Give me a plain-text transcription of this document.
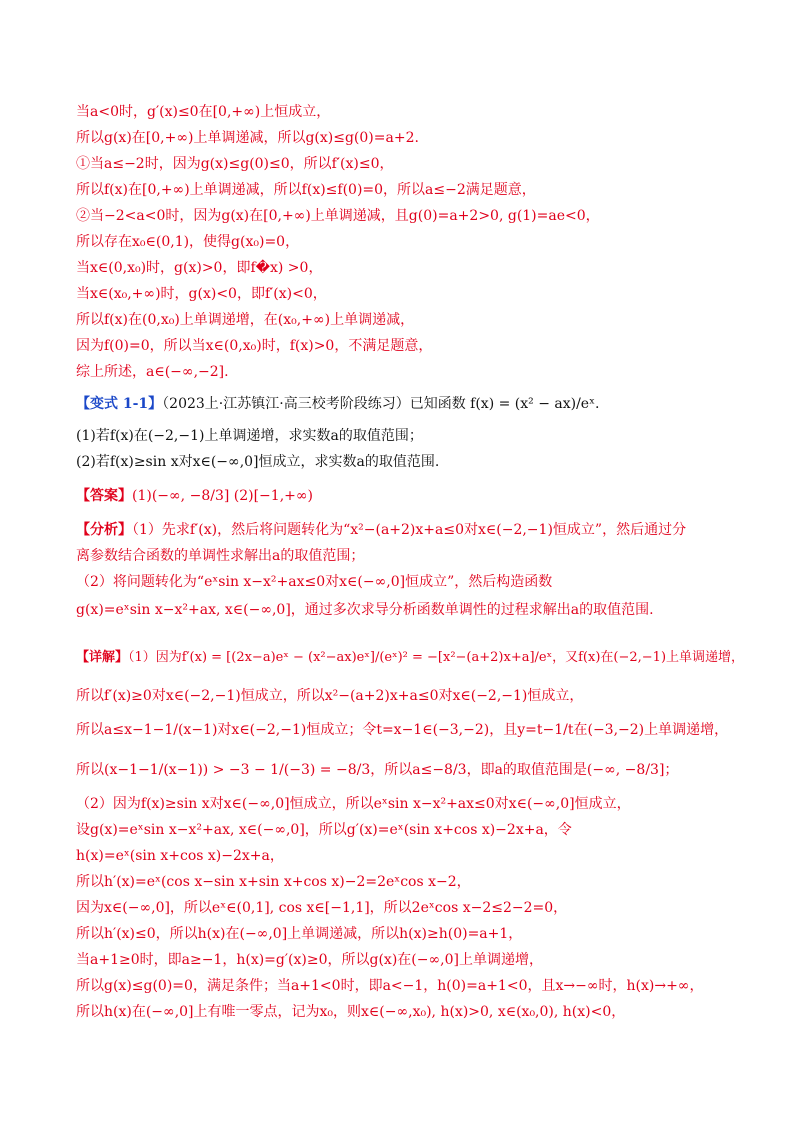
当a<0时，g′(x)≤0在[0,+∞)上恒成立，
所以g(x)在[0,+∞)上单调递减，所以g(x)≤g(0)=a+2.
①当a≤−2时，因为g(x)≤g(0)≤0，所以f′(x)≤0，
所以f(x)在[0,+∞)上单调递减，所以f(x)≤f(0)=0，所以a≤−2满足题意，
②当−2<a<0时，因为g(x)在[0,+∞)上单调递减，且g(0)=a+2>0, g(1)=ae<0，
所以存在x₀∈(0,1)，使得g(x₀)=0，
当x∈(0,x₀)时，g(x)>0，即f�x) >0，
当x∈(x₀,+∞)时，g(x)<0，即f′(x)<0，
所以f(x)在(0,x₀)上单调递增，在(x₀,+∞)上单调递减，
因为f(0)=0，所以当x∈(0,x₀)时，f(x)>0，不满足题意，
综上所述，a∈(−∞,−2].
【变式 1-1】（2023上·江苏镇江·高三校考阶段练习）已知函数 f(x) = (x² − ax)/eˣ.
(1)若f(x)在(−2,−1)上单调递增，求实数a的取值范围；
(2)若f(x)≥sin x对x∈(−∞,0]恒成立，求实数a的取值范围.
【答案】(1)(−∞, −8/3] (2)[−1,+∞)
【分析】（1）先求f′(x)，然后将问题转化为“x²−(a+2)x+a≤0对x∈(−2,−1)恒成立”，然后通过分
离参数结合函数的单调性求解出a的取值范围；
（2）将问题转化为“eˣsin x−x²+ax≤0对x∈(−∞,0]恒成立”，然后构造函数
g(x)=eˣsin x−x²+ax, x∈(−∞,0]，通过多次求导分析函数单调性的过程求解出a的取值范围.
【详解】（1）因为f′(x) = [(2x−a)eˣ − (x²−ax)eˣ]/(eˣ)² = −[x²−(a+2)x+a]/eˣ，又f(x)在(−2,−1)上单调递增，
所以f′(x)≥0对x∈(−2,−1)恒成立，所以x²−(a+2)x+a≤0对x∈(−2,−1)恒成立，
所以a≤x−1−1/(x−1)对x∈(−2,−1)恒成立；令t=x−1∈(−3,−2)，且y=t−1/t在(−3,−2)上单调递增，
所以(x−1−1/(x−1)) > −3 − 1/(−3) = −8/3，所以a≤−8/3，即a的取值范围是(−∞, −8/3]；
（2）因为f(x)≥sin x对x∈(−∞,0]恒成立，所以eˣsin x−x²+ax≤0对x∈(−∞,0]恒成立，
设g(x)=eˣsin x−x²+ax, x∈(−∞,0]，所以g′(x)=eˣ(sin x+cos x)−2x+a，令
h(x)=eˣ(sin x+cos x)−2x+a，
所以h′(x)=eˣ(cos x−sin x+sin x+cos x)−2=2eˣcos x−2，
因为x∈(−∞,0]，所以eˣ∈(0,1], cos x∈[−1,1]，所以2eˣcos x−2≤2−2=0，
所以h′(x)≤0，所以h(x)在(−∞,0]上单调递减，所以h(x)≥h(0)=a+1，
当a+1≥0时，即a≥−1，h(x)=g′(x)≥0，所以g(x)在(−∞,0]上单调递增，
所以g(x)≤g(0)=0，满足条件；当a+1<0时，即a<−1，h(0)=a+1<0，且x→−∞时，h(x)→+∞，
所以h(x)在(−∞,0]上有唯一零点，记为x₀，则x∈(−∞,x₀), h(x)>0, x∈(x₀,0), h(x)<0，
